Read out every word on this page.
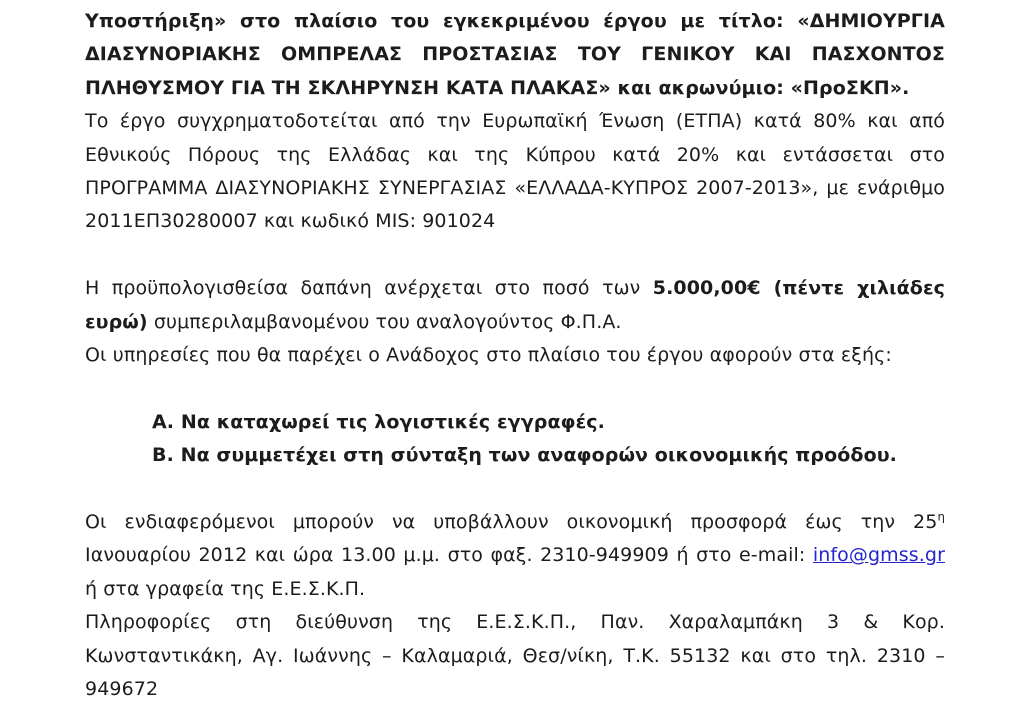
Υποστήριξη» στο πλαίσιο του εγκεκριμένου έργου με τίτλο: «ΔΗΜΙΟΥΡΓΙΑ ΔΙΑΣΥΝΟΡΙΑΚΗΣ ΟΜΠΡΕΛΑΣ ΠΡΟΣΤΑΣΙΑΣ ΤΟΥ ΓΕΝΙΚΟΥ ΚΑΙ ΠΑΣΧΟΝΤΟΣ ΠΛΗΘΥΣΜΟΥ ΓΙΑ ΤΗ ΣΚΛΗΡΥΝΣΗ ΚΑΤΑ ΠΛΑΚΑΣ» και ακρωνύμιο: «ΠροΣΚΠ».

Το έργο συγχρηματοδοτείται από την Ευρωπαϊκή Ένωση (ΕΤΠΑ) κατά 80% και από Εθνικούς Πόρους της Ελλάδας και της Κύπρου κατά 20% και εντάσσεται στο ΠΡΟΓΡΑΜΜΑ ΔΙΑΣΥΝΟΡΙΑΚΗΣ ΣΥΝΕΡΓΑΣΙΑΣ «ΕΛΛΑΔΑ-ΚΥΠΡΟΣ 2007-2013», με ενάριθμο 2011ΕΠ30280007 και κωδικό MIS: 901024

Η προϋπολογισθείσα δαπάνη ανέρχεται στο ποσό των 5.000,00€ (πέντε χιλιάδες ευρώ) συμπεριλαμβανομένου του αναλογούντος Φ.Π.Α.

Οι υπηρεσίες που θα παρέχει ο Ανάδοχος στο πλαίσιο του έργου αφορούν στα εξής:

Α. Να καταχωρεί τις λογιστικές εγγραφές.

Β. Να συμμετέχει στη σύνταξη των αναφορών οικονομικής προόδου.

Οι ενδιαφερόμενοι μπορούν να υποβάλλουν οικονομική προσφορά έως την $25^\eta$ Ιανουαρίου 2012 και ώρα 13.00 μ.μ. στο φαξ. 2310-949909 ή στο e-mail: info@gmss.gr ή στα γραφεία της Ε.Ε.Σ.Κ.Π.

Πληροφορίες στη διεύθυνση της Ε.Ε.Σ.Κ.Π., Παν. Χαραλαμπάκη 3 & Κορ. Κωνσταντικάκη, Αγ. Ιωάννης – Καλαμαριά, Θεσ/νίκη, Τ.Κ. 55132 και στο τηλ. 2310 – 949672
